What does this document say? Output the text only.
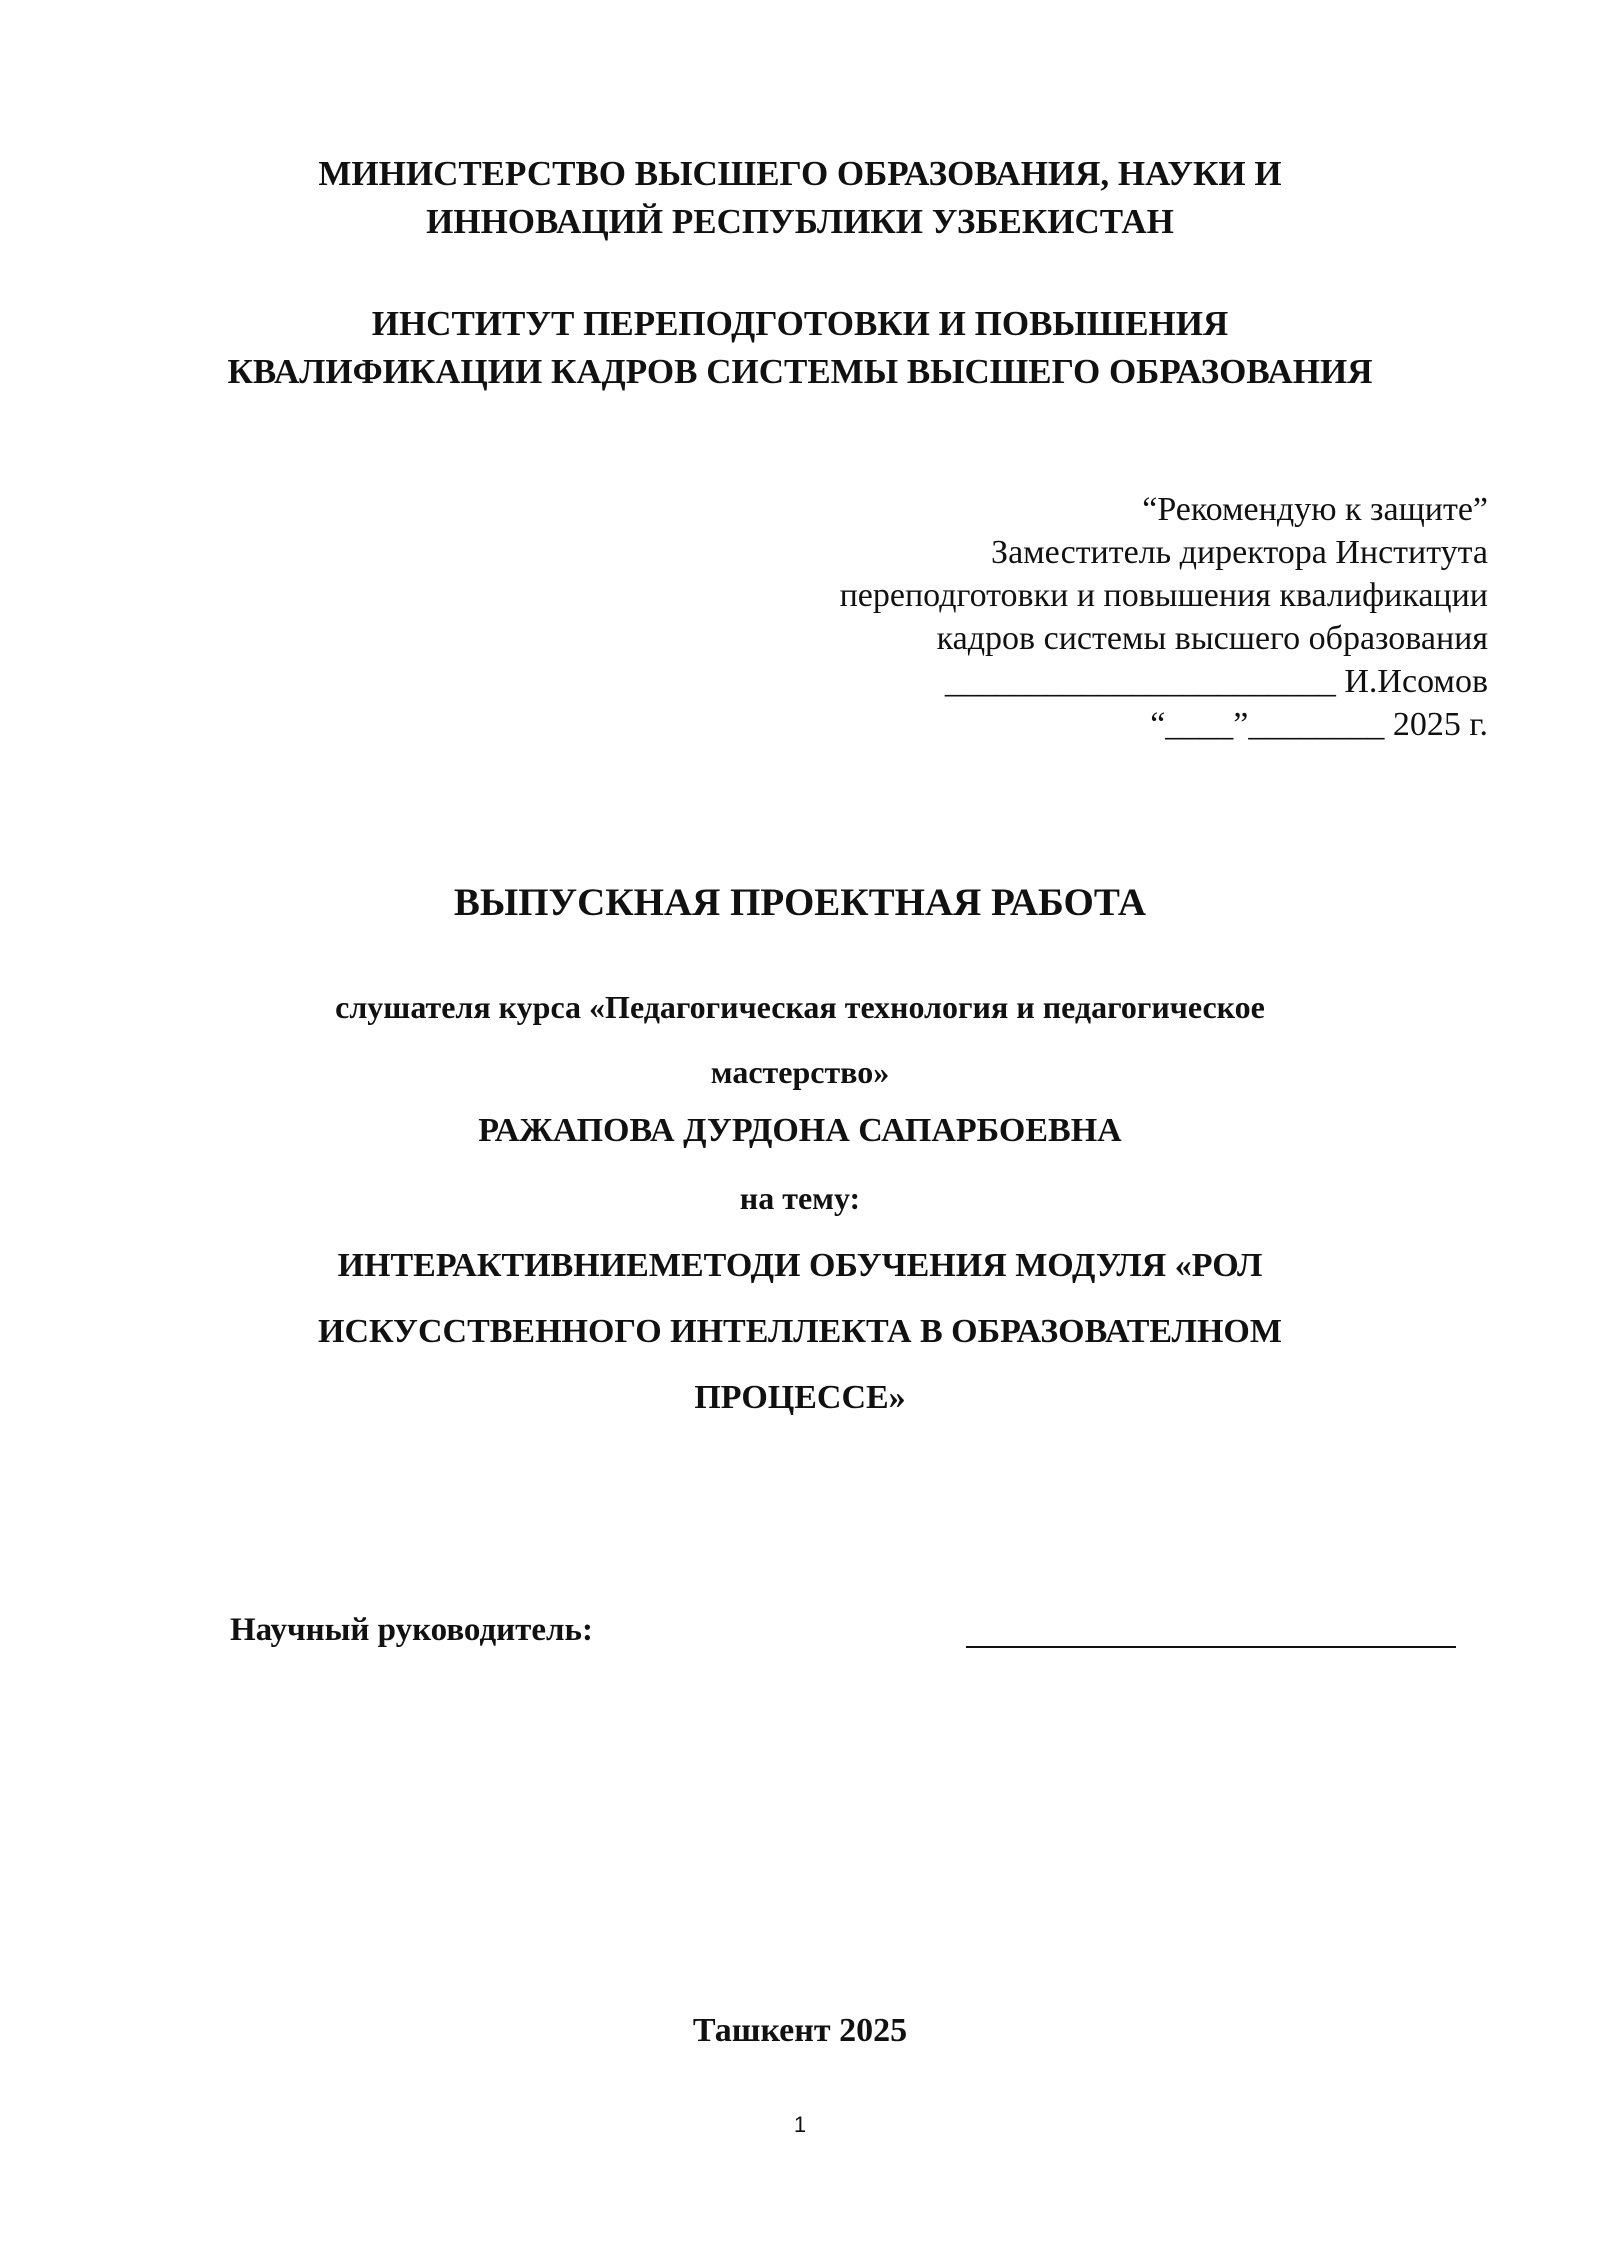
МИНИСТЕРСТВО ВЫСШЕГО ОБРАЗОВАНИЯ, НАУКИ И
ИННОВАЦИЙ РЕСПУБЛИКИ УЗБЕКИСТАН
ИНСТИТУТ ПЕРЕПОДГОТОВКИ И ПОВЫШЕНИЯ
КВАЛИФИКАЦИИ КАДРОВ СИСТЕМЫ ВЫСШЕГО ОБРАЗОВАНИЯ
“Рекомендую к защите”
Заместитель директора Института
переподготовки и повышения квалификации
кадров системы высшего образования
_______________________ И.Исомов
“____”________ 2025 г.
ВЫПУСКНАЯ ПРОЕКТНАЯ РАБОТА
слушателя курса «Педагогическая технология и педагогическое
мастерство»
РАЖАПОВА ДУРДОНА САПАРБОЕВНА
на тему:
ИНТЕРАКТИВНИЕМЕТОДИ ОБУЧЕНИЯ МОДУЛЯ «РОЛ
ИСКУССТВЕННОГО ИНТЕЛЛЕКТА В ОБРАЗОВАТЕЛНОМ
ПРОЦЕССЕ»
Научный руководитель:
Ташкент 2025
1
